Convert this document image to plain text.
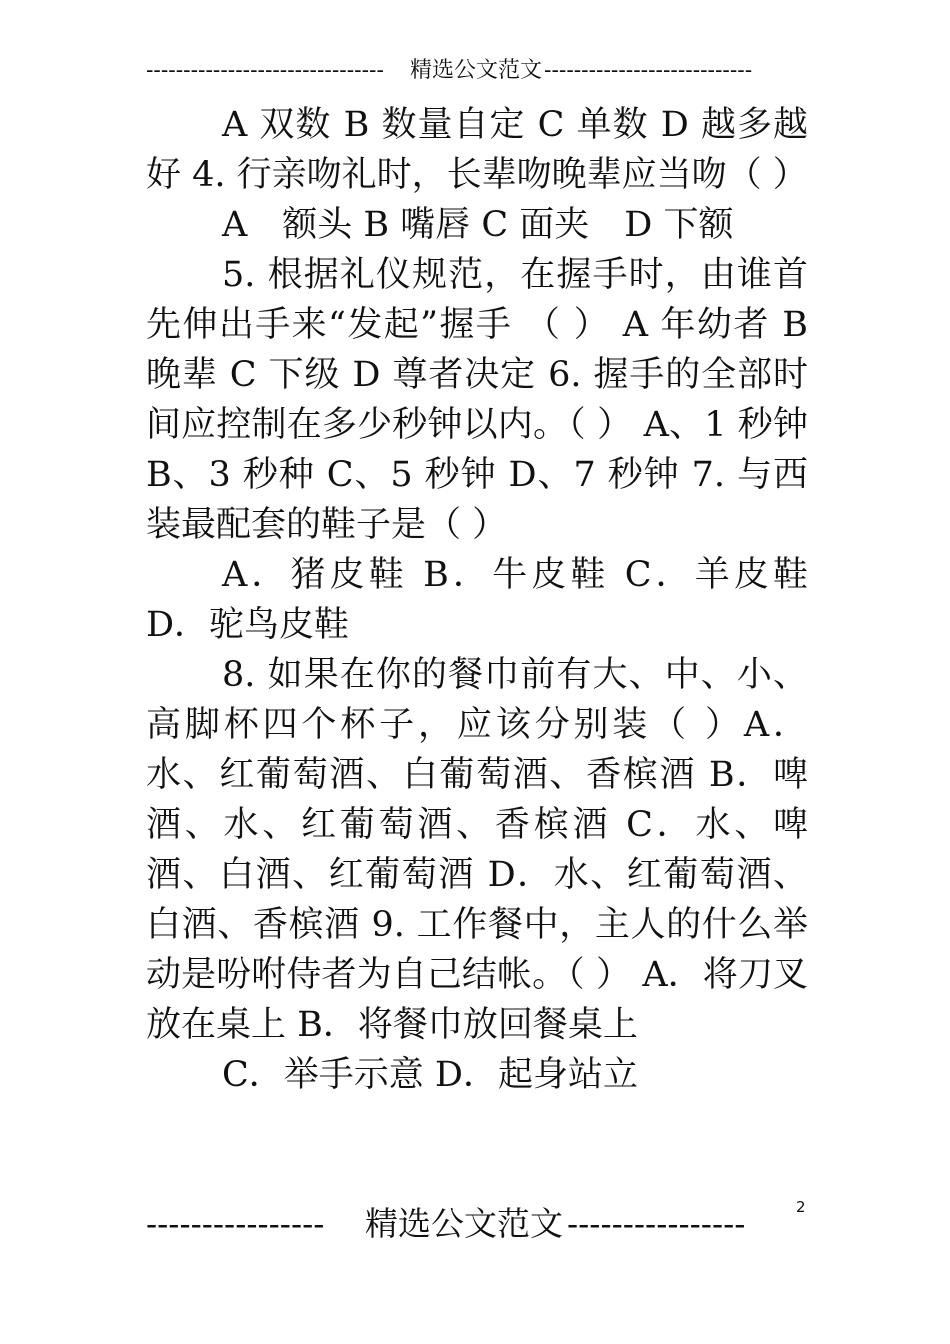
--------------------------------	精选公文范文 ----------------------------

A 双数 B 数量自定 C 单数 D 越多越好 4. 行亲吻礼时，长辈吻晚辈应当吻（ ）

A　额头 B 嘴唇 C 面夹　D 下额

5. 根据礼仪规范，在握手时，由谁首先伸出手来“发起”握手 （ ） A 年幼者 B 晚辈 C 下级 D 尊者决定 6. 握手的全部时间应控制在多少秒钟以内。（ ） A、1 秒钟 B、3 秒种 C、5 秒钟 D、7 秒钟 7. 与西装最配套的鞋子是（ ）

A．猪皮鞋 B．牛皮鞋 C．羊皮鞋 D．驼鸟皮鞋

8. 如果在你的餐巾前有大、中、小、高脚杯四个杯子，应该分别装（ ）A．水、红葡萄酒、白葡萄酒、香槟酒 B．啤酒、水、红葡萄酒、香槟酒 C．水、啤酒、白酒、红葡萄酒 D．水、红葡萄酒、白酒、香槟酒 9. 工作餐中，主人的什么举动是吩咐侍者为自己结帐。（ ） A．将刀叉放在桌上 B．将餐巾放回餐桌上

C．举手示意 D．起身站立

----------------	精选公文范文 ----------------	2
